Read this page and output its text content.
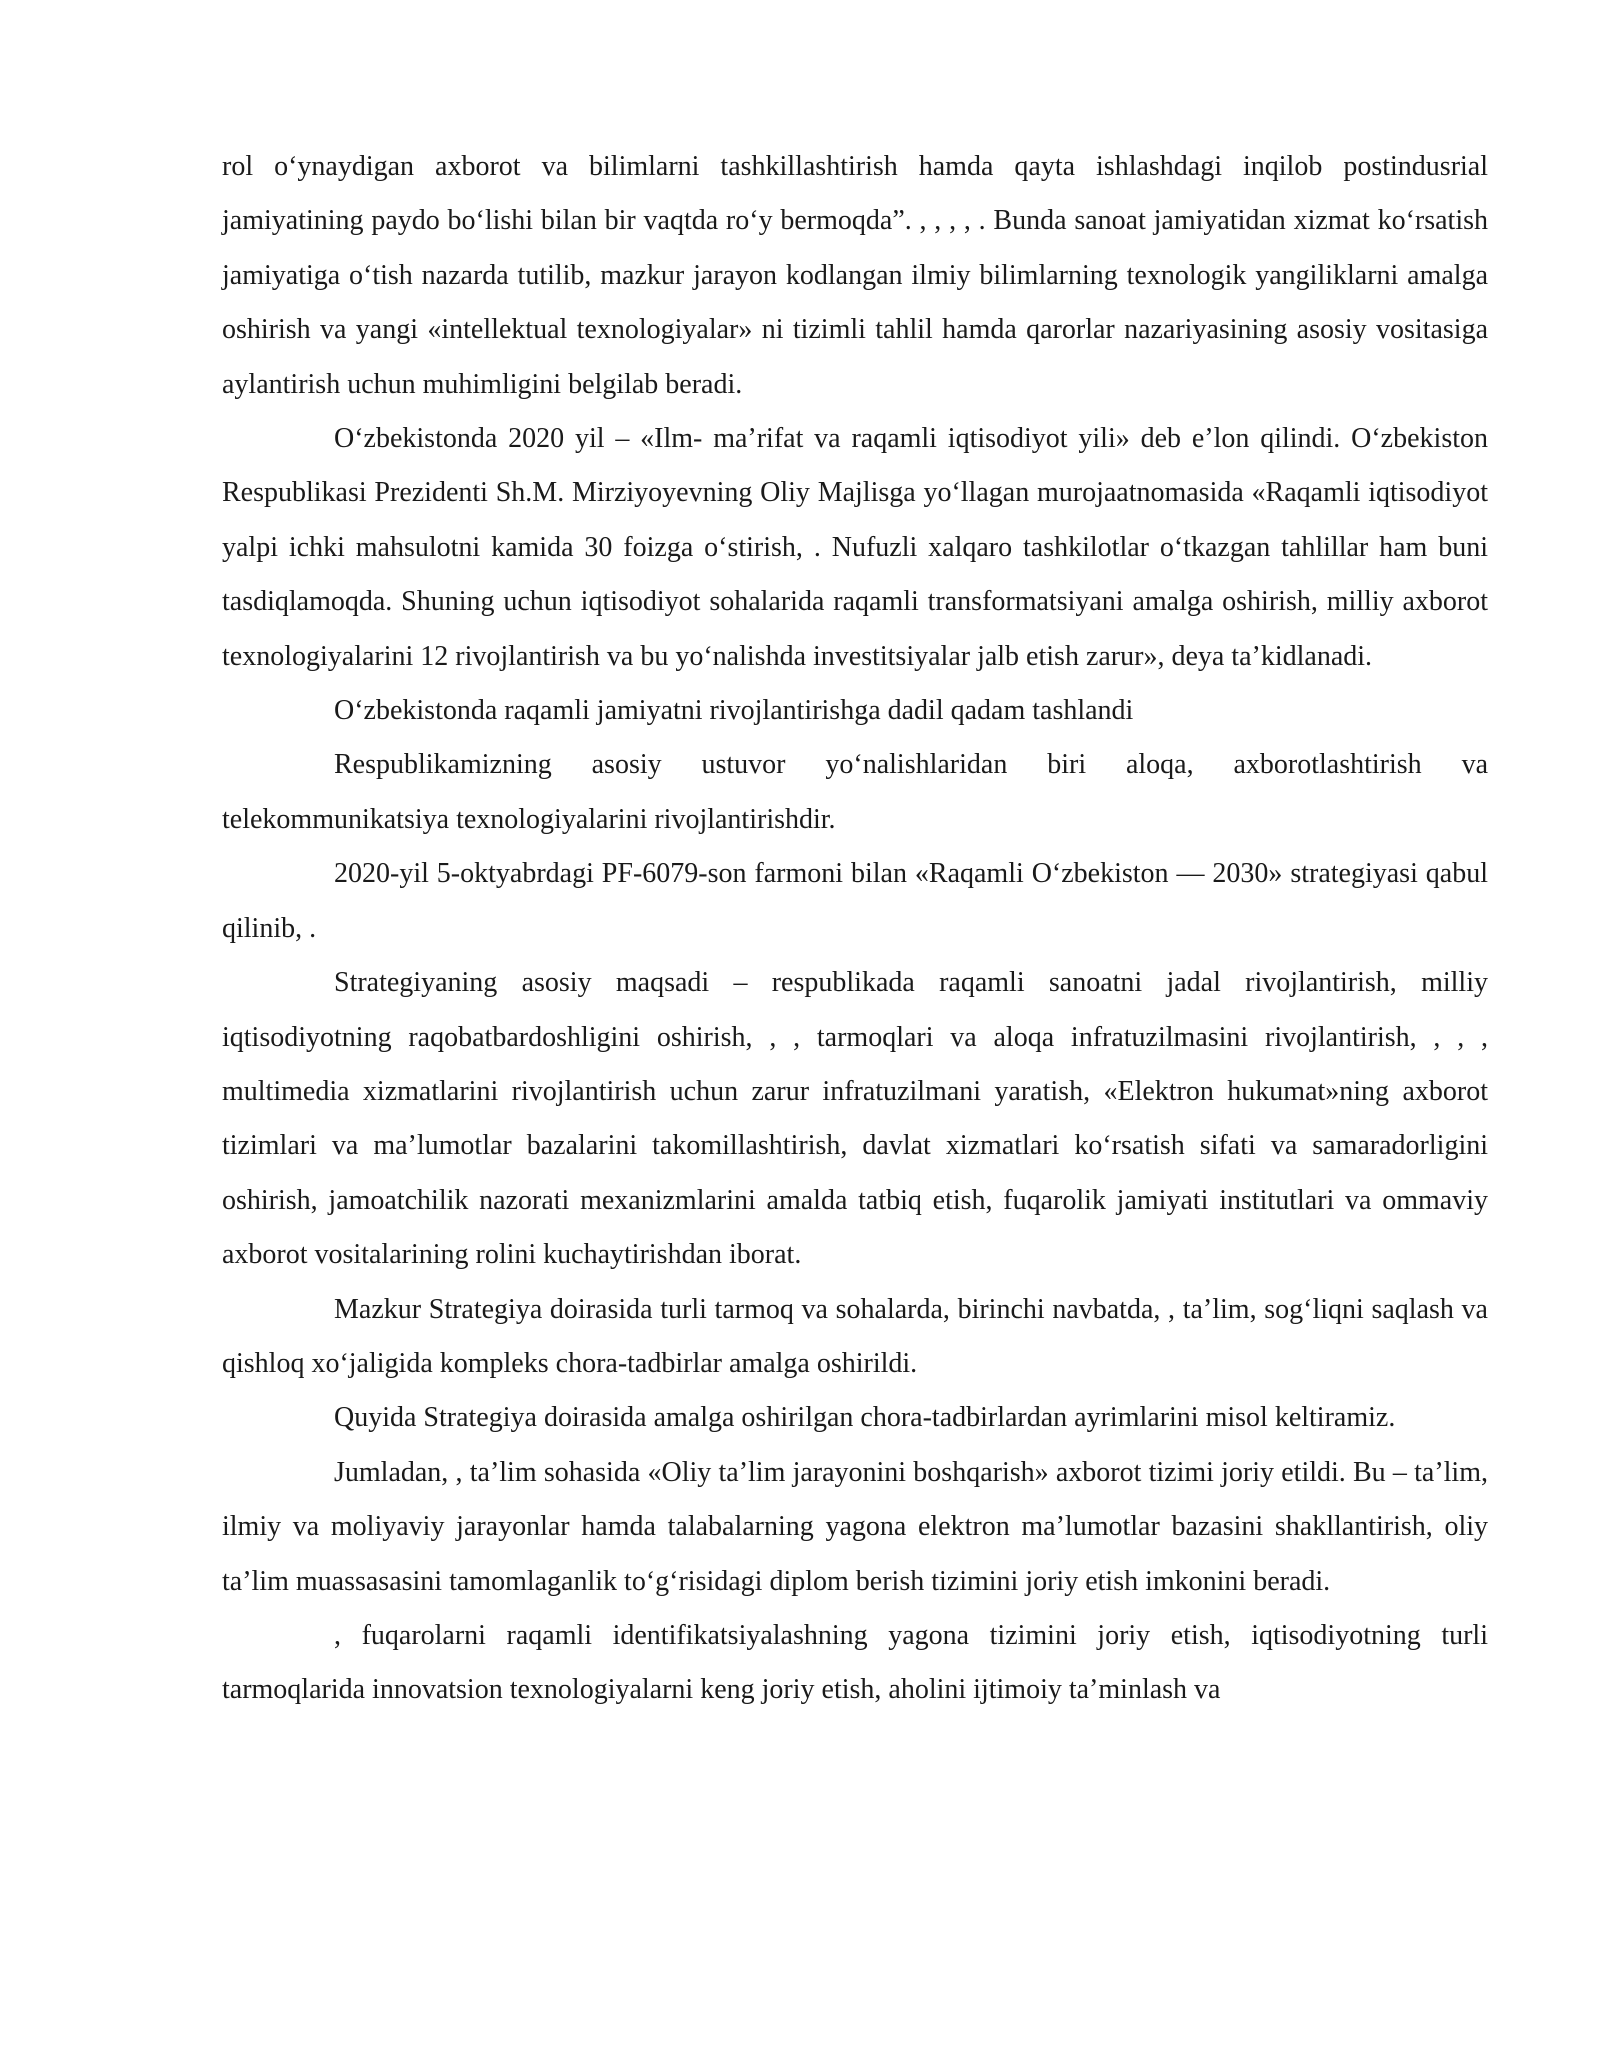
rol o‘ynaydigan axborot va bilimlarni tashkillashtirish hamda qayta ishlashdagi inqilob postindusrial jamiyatining paydo bo‘lishi bilan bir vaqtda ro‘y bermoqda”. , , , , . Bunda sanoat jamiyatidan xizmat ko‘rsatish jamiyatiga o‘tish nazarda tutilib, mazkur jarayon kodlangan ilmiy bilimlarning texnologik yangiliklarni amalga oshirish va yangi «intellektual texnologiyalar» ni tizimli tahlil hamda qarorlar nazariyasining asosiy vositasiga aylantirish uchun muhimligini belgilab beradi.

O‘zbekistonda 2020 yil – «Ilm- ma’rifat va raqamli iqtisodiyot yili» deb e’lon qilindi. O‘zbekiston Respublikasi Prezidenti Sh.M. Mirziyoyevning Oliy Majlisga yo‘llagan murojaatnomasida «Raqamli iqtisodiyot yalpi ichki mahsulotni kamida 30 foizga o‘stirish, . Nufuzli xalqaro tashkilotlar o‘tkazgan tahlillar ham buni tasdiqlamoqda. Shuning uchun iqtisodiyot sohalarida raqamli transformatsiyani amalga oshirish, milliy axborot texnologiyalarini 12 rivojlantirish va bu yo‘nalishda investitsiyalar jalb etish zarur», deya ta’kidlanadi.

O‘zbekistonda raqamli jamiyatni rivojlantirishga dadil qadam tashlandi

Respublikamizning asosiy ustuvor yo‘nalishlaridan biri aloqa, axborotlashtirish va telekommunikatsiya texnologiyalarini rivojlantirishdir.

2020-yil 5-oktyabrdagi PF-6079-son farmoni bilan «Raqamli O‘zbekiston — 2030» strategiyasi qabul qilinib, .

Strategiyaning asosiy maqsadi – respublikada raqamli sanoatni jadal rivojlantirish, milliy iqtisodiyotning raqobatbardoshligini oshirish, , , tarmoqlari va aloqa infratuzilmasini rivojlantirish, , , , multimedia xizmatlarini rivojlantirish uchun zarur infratuzilmani yaratish, «Elektron hukumat»ning axborot tizimlari va ma’lumotlar bazalarini takomillashtirish, davlat xizmatlari ko‘rsatish sifati va samaradorligini oshirish, jamoatchilik nazorati mexanizmlarini amalda tatbiq etish, fuqarolik jamiyati institutlari va ommaviy axborot vositalarining rolini kuchaytirishdan iborat.

Mazkur Strategiya doirasida turli tarmoq va sohalarda, birinchi navbatda, , ta’lim, sog‘liqni saqlash va qishloq xo‘jaligida kompleks chora-tadbirlar amalga oshirildi.

Quyida Strategiya doirasida amalga oshirilgan chora-tadbirlardan ayrimlarini misol keltiramiz.

Jumladan, , ta’lim sohasida «Oliy ta’lim jarayonini boshqarish» axborot tizimi joriy etildi. Bu – ta’lim, ilmiy va moliyaviy jarayonlar hamda talabalarning yagona elektron ma’lumotlar bazasini shakllantirish, oliy ta’lim muassasasini tamomlaganlik to‘g‘risidagi diplom berish tizimini joriy etish imkonini beradi.

, fuqarolarni raqamli identifikatsiyalashning yagona tizimini joriy etish, iqtisodiyotning turli tarmoqlarida innovatsion texnologiyalarni keng joriy etish, aholini ijtimoiy ta’minlash va
